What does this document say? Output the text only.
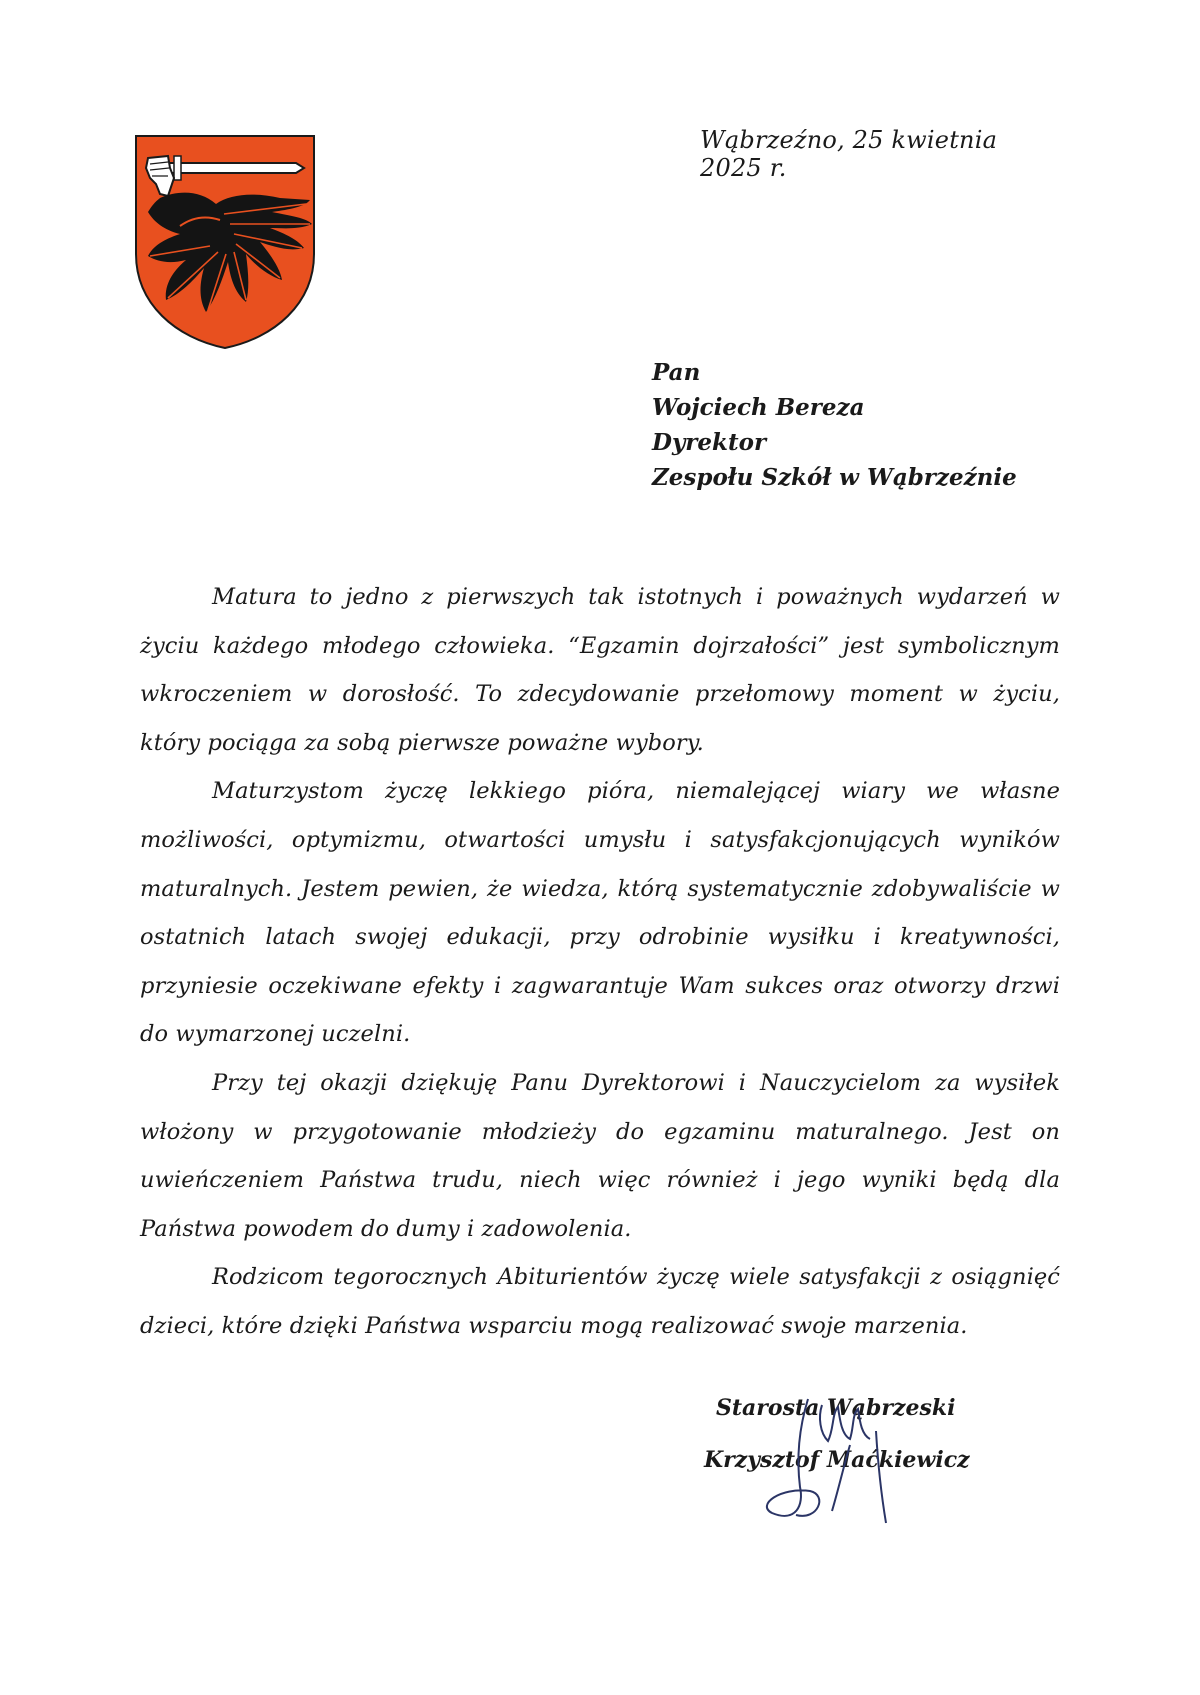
Wąbrzeźno, 25 kwietnia 2025 r.
Pan
Wojciech Bereza
Dyrektor
Zespołu Szkół w Wąbrzeźnie

Matura to jedno z pierwszych tak istotnych i poważnych wydarzeń w życiu każdego młodego człowieka. “Egzamin dojrzałości” jest symbolicznym wkroczeniem w dorosłość. To zdecydowanie przełomowy moment w życiu, który pociąga za sobą pierwsze poważne wybory.

Maturzystom życzę lekkiego pióra, niemalejącej wiary we własne możliwości, optymizmu, otwartości umysłu i satysfakcjonujących wyników maturalnych. Jestem pewien, że wiedza, którą systematycznie zdobywaliście w ostatnich latach swojej edukacji, przy odrobinie wysiłku i kreatywności, przyniesie oczekiwane efekty i zagwarantuje Wam sukces oraz otworzy drzwi do wymarzonej uczelni.

Przy tej okazji dziękuję Panu Dyrektorowi i Nauczycielom za wysiłek włożony w przygotowanie młodzieży do egzaminu maturalnego. Jest on uwieńczeniem Państwa trudu, niech więc również i jego wyniki będą dla Państwa powodem do dumy i zadowolenia.

Rodzicom tegorocznych Abiturientów życzę wiele satysfakcji z osiągnięć dzieci, które dzięki Państwa wsparciu mogą realizować swoje marzenia.

Starosta Wąbrzeski
Krzysztof Maćkiewicz
